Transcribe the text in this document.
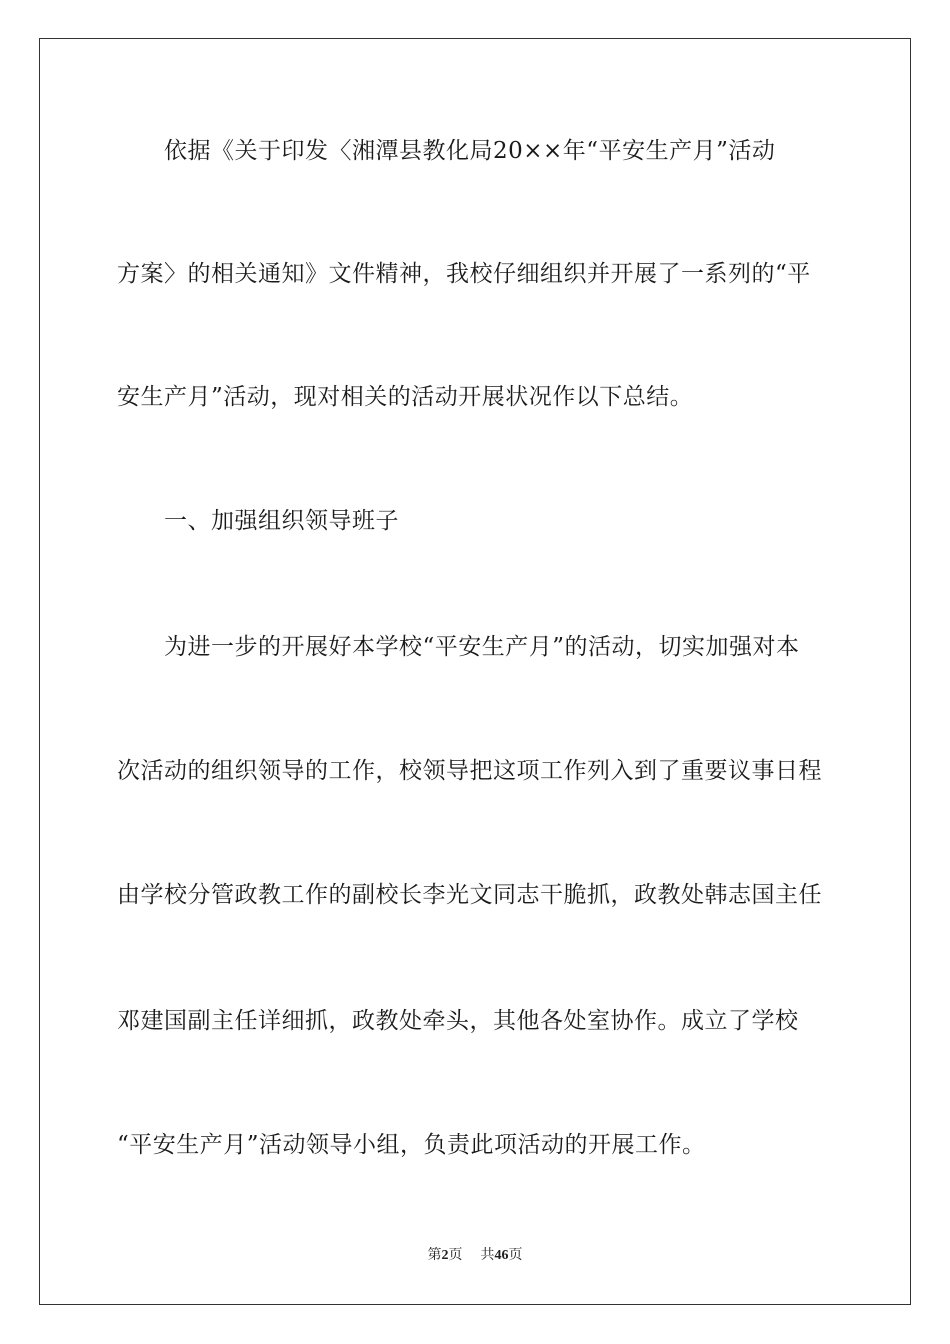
依据《关于印发〈湘潭县教化局20××年“平安生产月”活动
方案〉的相关通知》文件精神，我校仔细组织并开展了一系列的“平
安生产月”活动，现对相关的活动开展状况作以下总结。
一、加强组织领导班子
为进一步的开展好本学校“平安生产月”的活动，切实加强对本
次活动的组织领导的工作，校领导把这项工作列入到了重要议事日程
由学校分管政教工作的副校长李光文同志干脆抓，政教处韩志国主任
邓建国副主任详细抓，政教处牵头，其他各处室协作。成立了学校
“平安生产月”活动领导小组，负责此项活动的开展工作。
第2页 共46页
